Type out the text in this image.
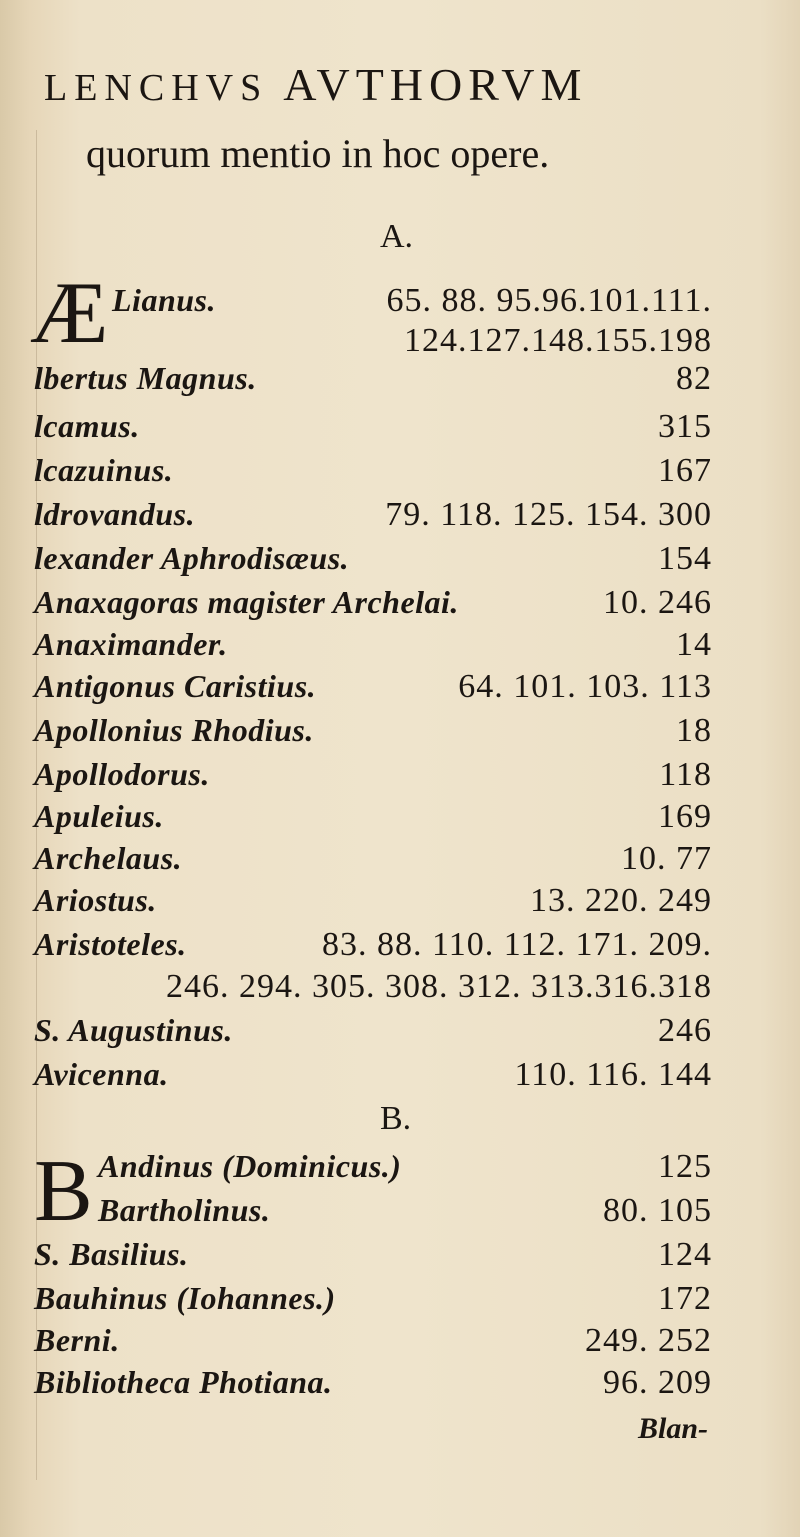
LENCHVS AVTHORVM
quorum mentio in hoc opere.
A.
Æ Lianus.	65. 88. 95.96.101.111.
124.127.148.155.198
lbertus Magnus.	82
lcamus.	315
lcazuinus.	167
ldrovandus.	79. 118. 125. 154. 300
lexander Aphrodisæus.	154
Anaxagoras magister Archelai.	10. 246
Anaximander.	14
Antigonus Caristius.	64. 101. 103. 113
Apollonius Rhodius.	18
Apollodorus.	118
Apuleius.	169
Archelaus.	10. 77
Ariostus.	13. 220. 249
Aristoteles.	83. 88. 110. 112. 171. 209.
246. 294. 305. 308. 312. 313.316.318
S. Augustinus.	246
Avicenna.	110. 116. 144
B.
B Andinus (Dominicus.)	125
Bartholinus.	80. 105
S. Basilius.	124
Bauhinus (Iohannes.)	172
Berni.	249. 252
Bibliotheca Photiana.	96. 209
Blan-
